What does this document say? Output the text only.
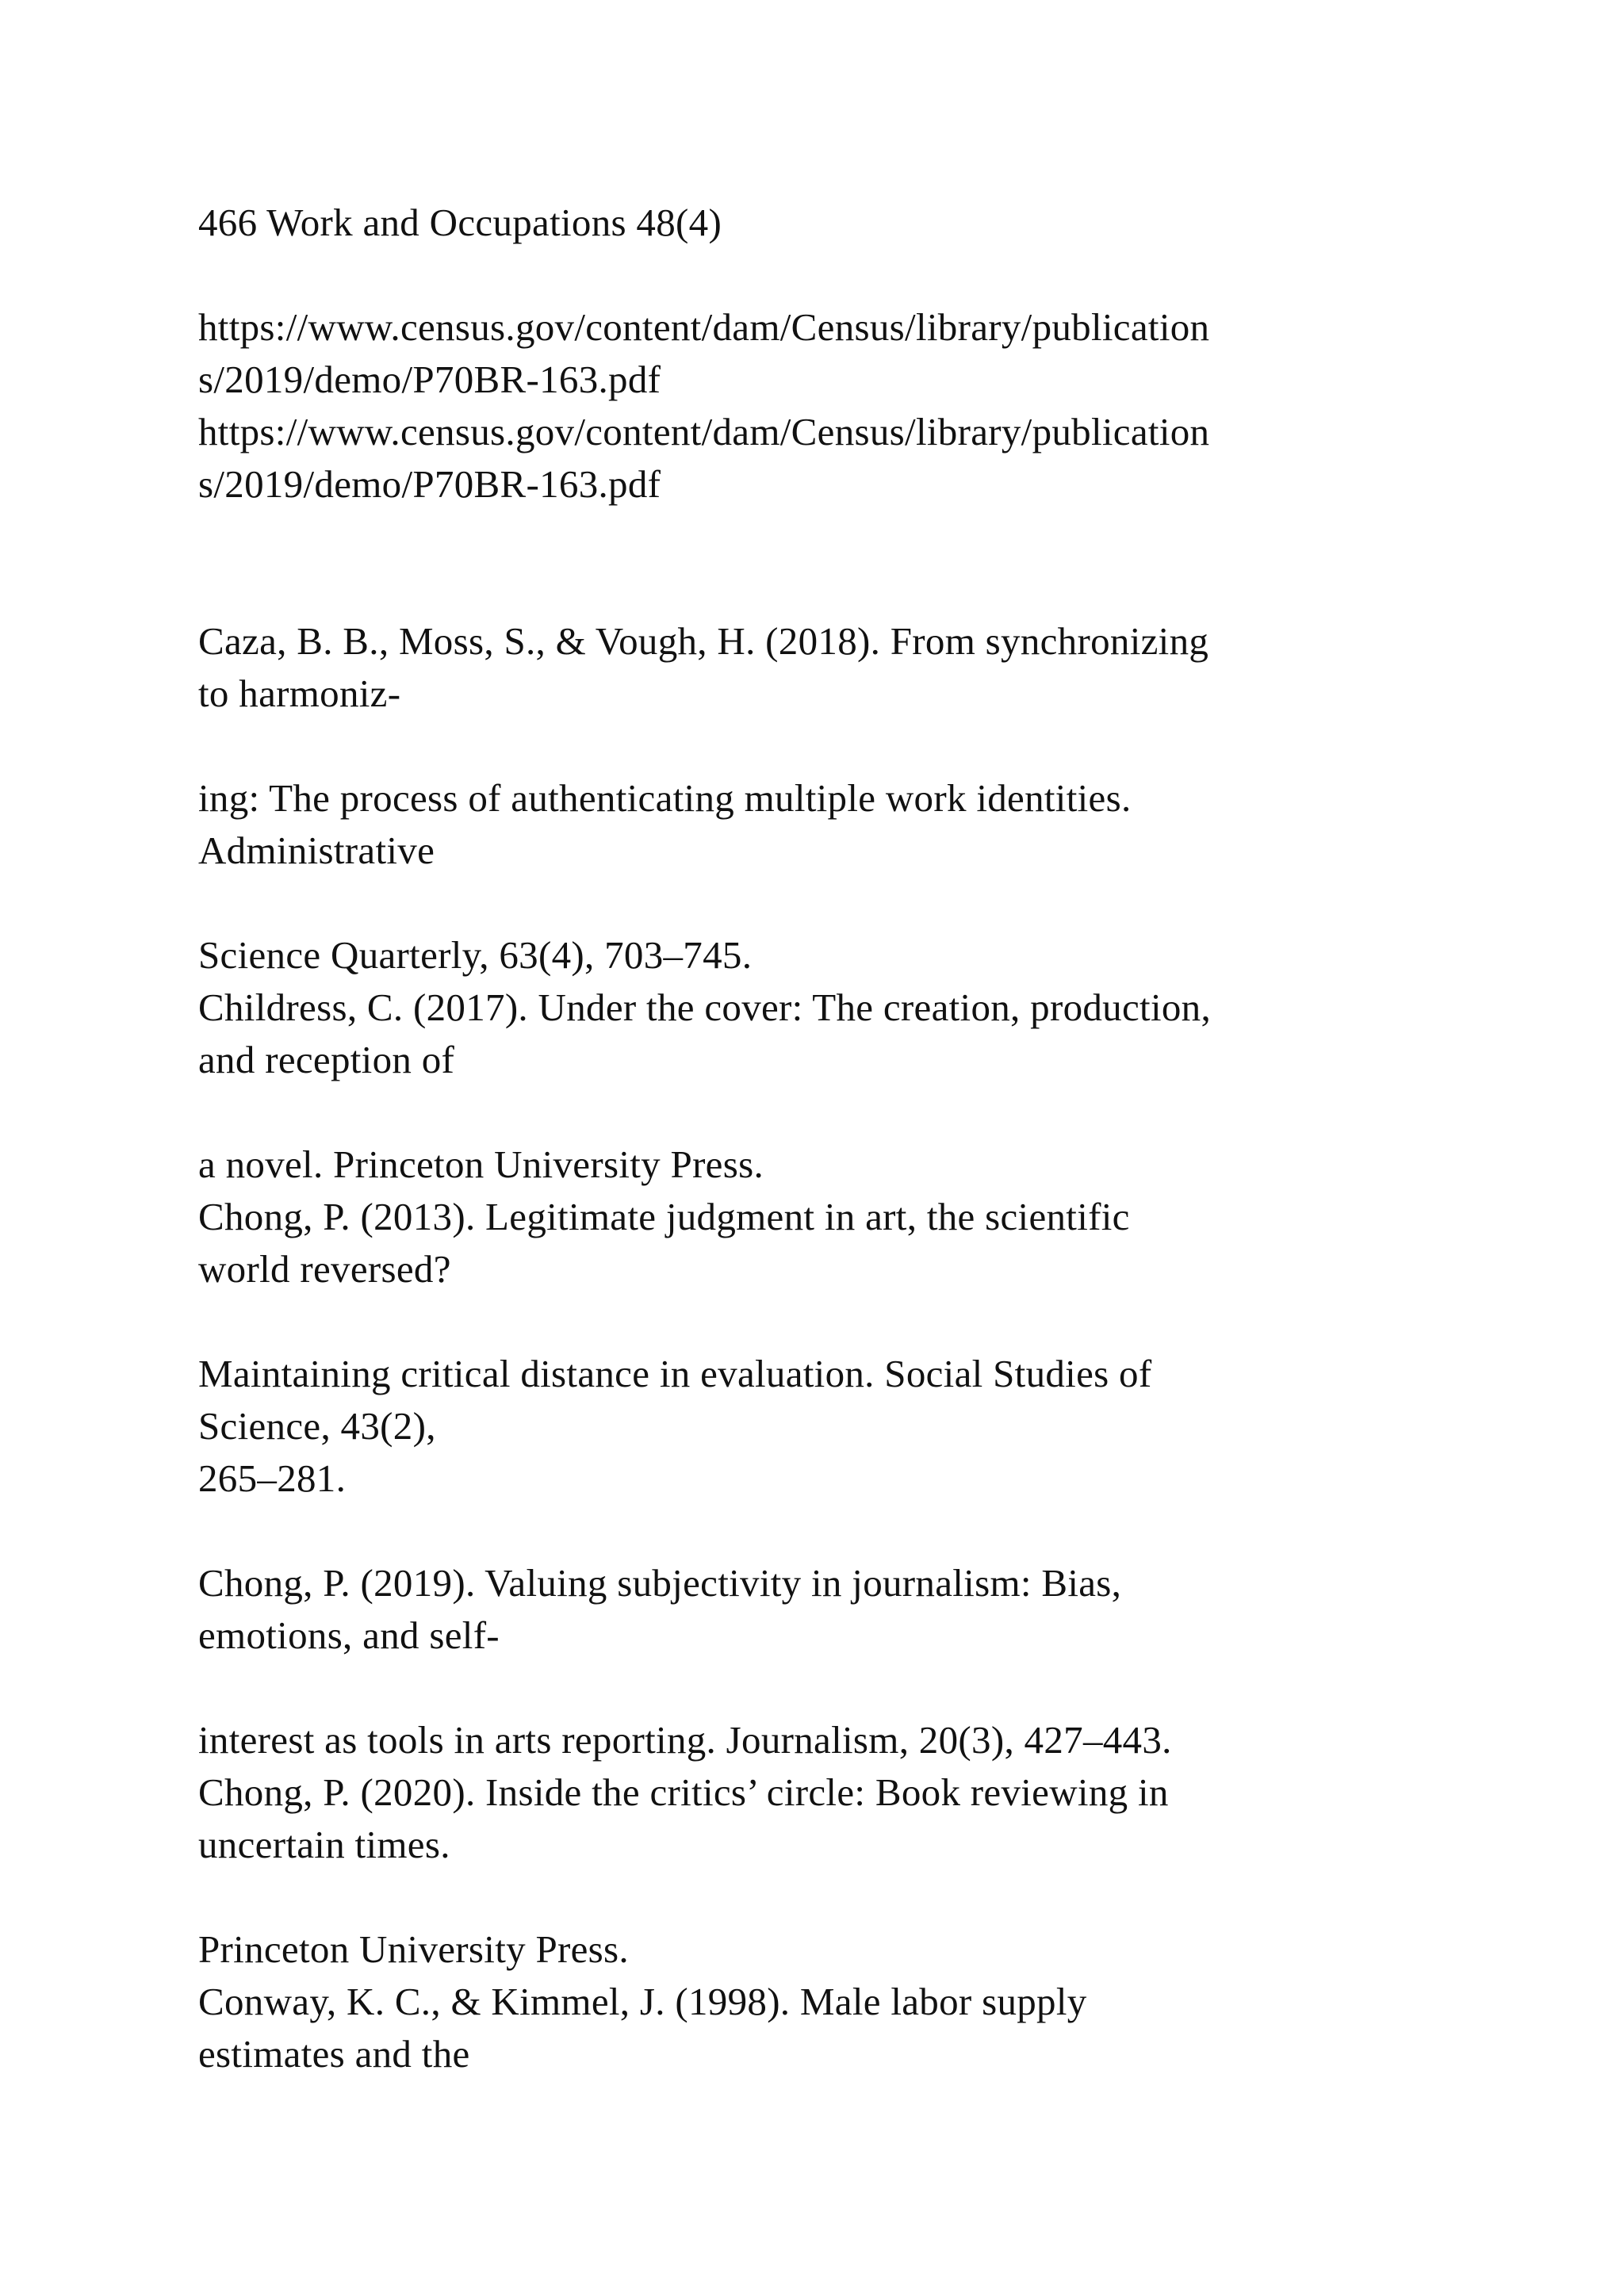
466 Work and Occupations 48(4)

https://www.census.gov/content/dam/Census/library/publication

s/2019/demo/P70BR-163.pdf

https://www.census.gov/content/dam/Census/library/publication

s/2019/demo/P70BR-163.pdf

Caza, B. B., Moss, S., & Vough, H. (2018). From synchronizing

to harmoniz-

ing: The process of authenticating multiple work identities.

Administrative

Science Quarterly, 63(4), 703–745.

Childress, C. (2017). Under the cover: The creation, production,

and reception of

a novel. Princeton University Press.

Chong, P. (2013). Legitimate judgment in art, the scientific

world reversed?

Maintaining critical distance in evaluation. Social Studies of

Science, 43(2),

265–281.

Chong, P. (2019). Valuing subjectivity in journalism: Bias,

emotions, and self-

interest as tools in arts reporting. Journalism, 20(3), 427–443.

Chong, P. (2020). Inside the critics’ circle: Book reviewing in

uncertain times.

Princeton University Press.

Conway, K. C., & Kimmel, J. (1998). Male labor supply

estimates and the
